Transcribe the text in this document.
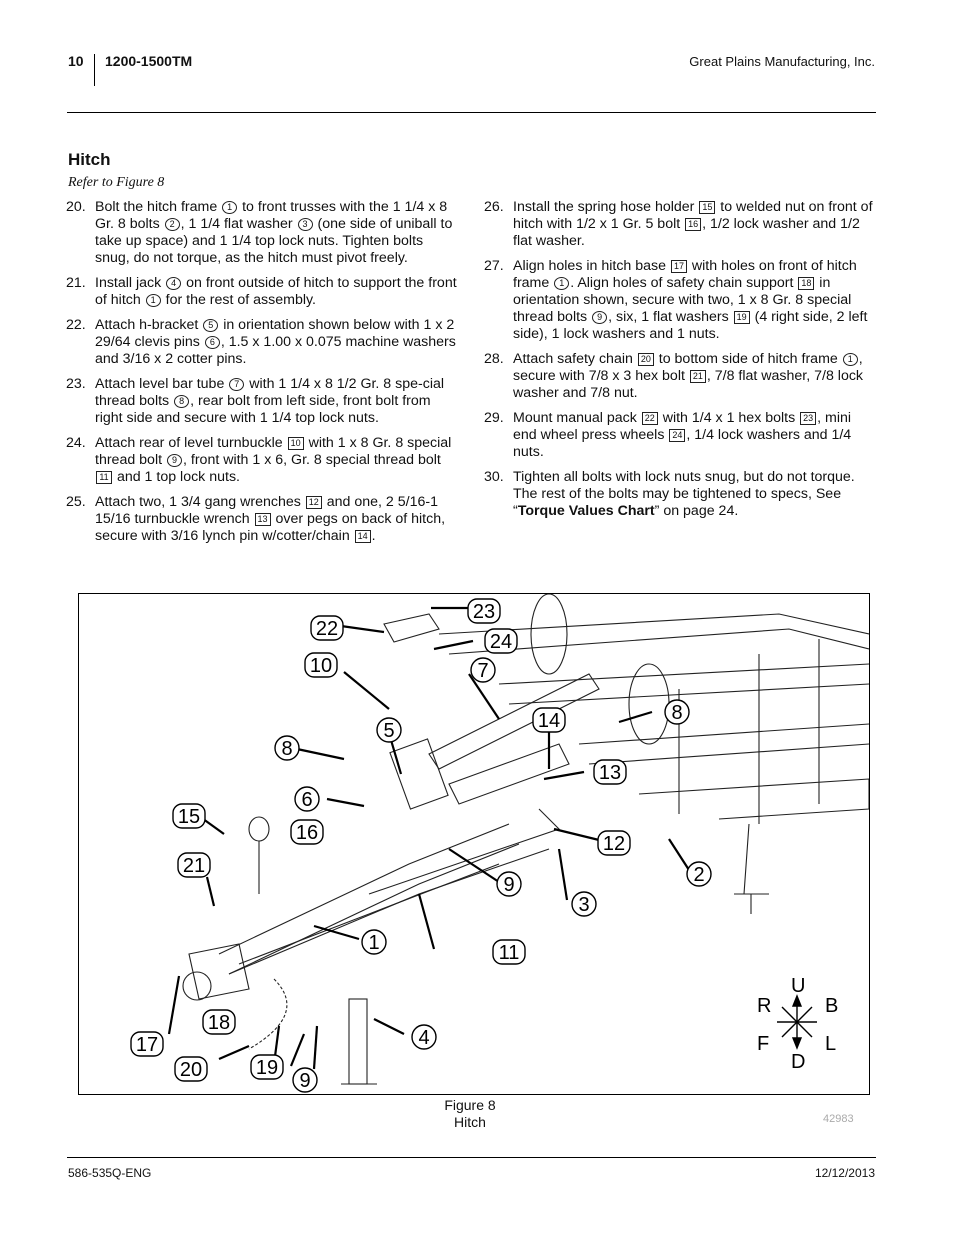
10 1200-1500TM	Great Plains Manufacturing, Inc.
Hitch
Refer to Figure 8
20. Bolt the hitch frame 1 to front trusses with the 1 1/4 x 8 Gr. 8 bolts 2 , 1 1/4 flat washer 3 (one side of uniball to take up space) and 1 1/4 top lock nuts. Tighten bolts snug, do not torque, as the hitch must pivot freely.
21. Install jack 4 on front outside of hitch to support the front of hitch 1 for the rest of assembly.
22. Attach h-bracket 5 in orientation shown below with 1 x 2 29/64 clevis pins 6 , 1.5 x 1.00 x 0.075 machine washers and 3/16 x 2 cotter pins.
23. Attach level bar tube 7 with 1 1/4 x 8 1/2 Gr. 8 spe-cial thread bolts 8 , rear bolt from left side, front bolt from right side and secure with 1 1/4 top lock nuts.
24. Attach rear of level turnbuckle 10 with 1 x 8 Gr. 8 special thread bolt 9 , front with 1 x 6, Gr. 8 special thread bolt 11 and 1 top lock nuts.
25. Attach two, 1 3/4 gang wrenches 12 and one, 2 5/16-1 15/16 turnbuckle wrench 13 over pegs on back of hitch, secure with 3/16 lynch pin w/cotter/chain 14 .
26. Install the spring hose holder 15 to welded nut on front of hitch with 1/2 x 1 Gr. 5 bolt 16 , 1/2 lock washer and 1/2 flat washer.
27. Align holes in hitch base 17 with holes on front of hitch frame 1 . Align holes of safety chain support 18 in orientation shown, secure with two, 1 x 8 Gr. 8 special thread bolts 9 , six, 1 flat washers 19 (4 right side, 2 left side), 1 lock washers and 1 nuts.
28. Attach safety chain 20 to bottom side of hitch frame 1 , secure with 7/8 x 3 hex bolt 21 , 7/8 flat washer, 7/8 lock washer and 7/8 nut.
29. Mount manual pack 22 with 1/4 x 1 hex bolts 23 , mini end wheel press wheels 24 , 1/4 lock washers and 1/4 nuts.
30. Tighten all bolts with lock nuts snug, but do not torque. The rest of the bolts may be tightened to specs, See “Torque Values Chart” on page 24.
23
22
24
10	7
5	14	8
8
13
6
15
16	12
2
21
9
3
1	11
4
18
17
20	19
9
U
D
R	B
F	L
Figure 8
Hitch	42983
586-535Q-ENG	12/12/2013
